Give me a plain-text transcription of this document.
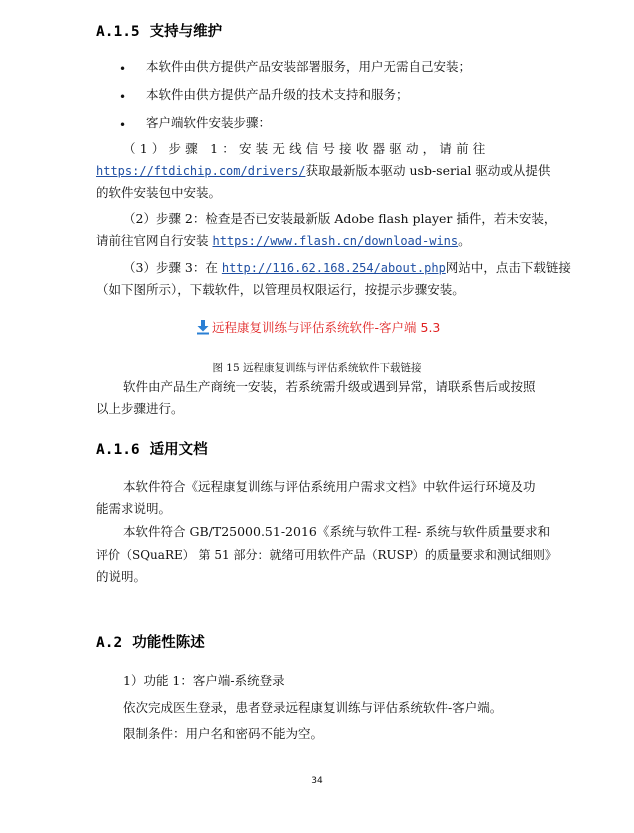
A.1.5 支持与维护
• 本软件由供方提供产品安装部署服务，用户无需自己安装；
• 本软件由供方提供产品升级的技术支持和服务；
• 客户端软件安装步骤：
（1）步骤 1：安装无线信号接收器驱动，请前往
https://ftdichip.com/drivers/获取最新版本驱动 usb-serial 驱动或从提供
的软件安装包中安装。
（2）步骤 2：检查是否已安装最新版 Adobe flash player 插件，若未安装，
请前往官网自行安装 https://www.flash.cn/download-wins。
（3）步骤 3：在 http://116.62.168.254/about.php网站中，点击下载链接
（如下图所示），下载软件，以管理员权限运行，按提示步骤安装。
远程康复训练与评估系统软件-客户端 5.3
图 15 远程康复训练与评估系统软件下载链接
软件由产品生产商统一安装，若系统需升级或遇到异常，请联系售后或按照
以上步骤进行。
A.1.6 适用文档
本软件符合《远程康复训练与评估系统用户需求文档》中软件运行环境及功
能需求说明。
本软件符合 GB/T25000.51-2016《系统与软件工程- 系统与软件质量要求和
评价（SQuaRE） 第 51 部分：就绪可用软件产品（RUSP）的质量要求和测试细则》
的说明。
A.2 功能性陈述
1）功能 1：客户端-系统登录
依次完成医生登录，患者登录远程康复训练与评估系统软件-客户端。
限制条件：用户名和密码不能为空。
34
